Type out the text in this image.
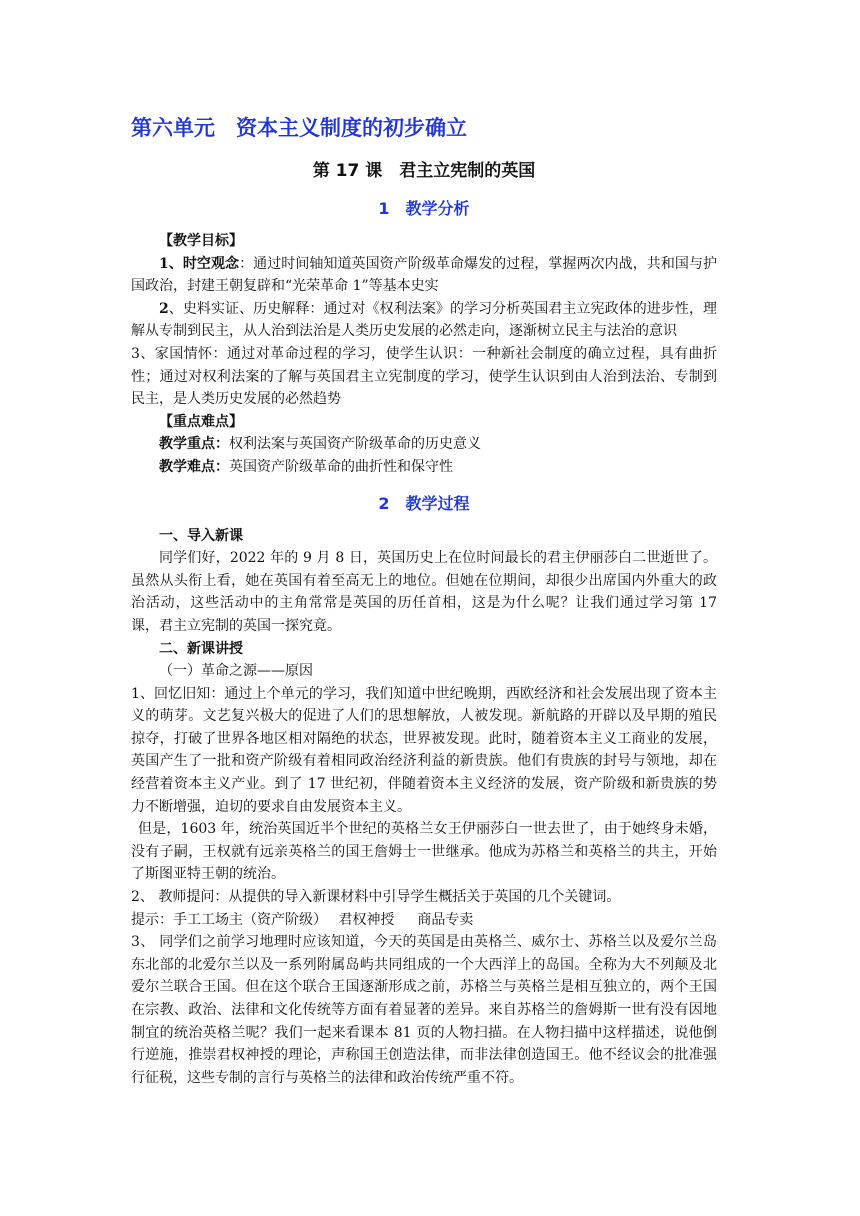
第六单元　资本主义制度的初步确立
第 17 课　君主立宪制的英国
1　教学分析

【教学目标】

1、时空观念：通过时间轴知道英国资产阶级革命爆发的过程，掌握两次内战，共和国与护国政治，封建王朝复辟和“光荣革命 1”等基本史实

2、史料实证、历史解释：通过对《权利法案》的学习分析英国君主立宪政体的进步性，理解从专制到民主，从人治到法治是人类历史发展的必然走向，逐渐树立民主与法治的意识

3、家国情怀：通过对革命过程的学习，使学生认识：一种新社会制度的确立过程，具有曲折性；通过对权利法案的了解与英国君主立宪制度的学习，使学生认识到由人治到法治、专制到民主，是人类历史发展的必然趋势

【重点难点】

教学重点：权利法案与英国资产阶级革命的历史意义

教学难点：英国资产阶级革命的曲折性和保守性

2　教学过程

一、导入新课

同学们好，2022 年的 9 月 8 日，英国历史上在位时间最长的君主伊丽莎白二世逝世了。虽然从头衔上看，她在英国有着至高无上的地位。但她在位期间，却很少出席国内外重大的政治活动，这些活动中的主角常常是英国的历任首相，这是为什么呢？让我们通过学习第 17 课，君主立宪制的英国一探究竟。

二、新课讲授

（一）革命之源——原因

1、回忆旧知：通过上个单元的学习，我们知道中世纪晚期，西欧经济和社会发展出现了资本主义的萌芽。文艺复兴极大的促进了人们的思想解放，人被发现。新航路的开辟以及早期的殖民掠夺，打破了世界各地区相对隔绝的状态，世界被发现。此时，随着资本主义工商业的发展，英国产生了一批和资产阶级有着相同政治经济利益的新贵族。他们有贵族的封号与领地，却在经营着资本主义产业。到了 17 世纪初，伴随着资本主义经济的发展，资产阶级和新贵族的势力不断增强，迫切的要求自由发展资本主义。

但是，1603 年，统治英国近半个世纪的英格兰女王伊丽莎白一世去世了，由于她终身未婚，没有子嗣，王权就有远亲英格兰的国王詹姆士一世继承。他成为苏格兰和英格兰的共主，开始了斯图亚特王朝的统治。

2、 教师提问：从提供的导入新课材料中引导学生概括关于英国的几个关键词。

提示：手工工场主（资产阶级）　 君权神授 　 商品专卖

3、 同学们之前学习地理时应该知道，今天的英国是由英格兰、威尔士、苏格兰以及爱尔兰岛东北部的北爱尔兰以及一系列附属岛屿共同组成的一个大西洋上的岛国。全称为大不列颠及北爱尔兰联合王国。但在这个联合王国逐渐形成之前，苏格兰与英格兰是相互独立的，两个王国在宗教、政治、法律和文化传统等方面有着显著的差异。来自苏格兰的詹姆斯一世有没有因地制宜的统治英格兰呢？我们一起来看课本 81 页的人物扫描。在人物扫描中这样描述，说他倒行逆施，推崇君权神授的理论，声称国王创造法律，而非法律创造国王。他不经议会的批准强行征税，这些专制的言行与英格兰的法律和政治传统严重不符。
